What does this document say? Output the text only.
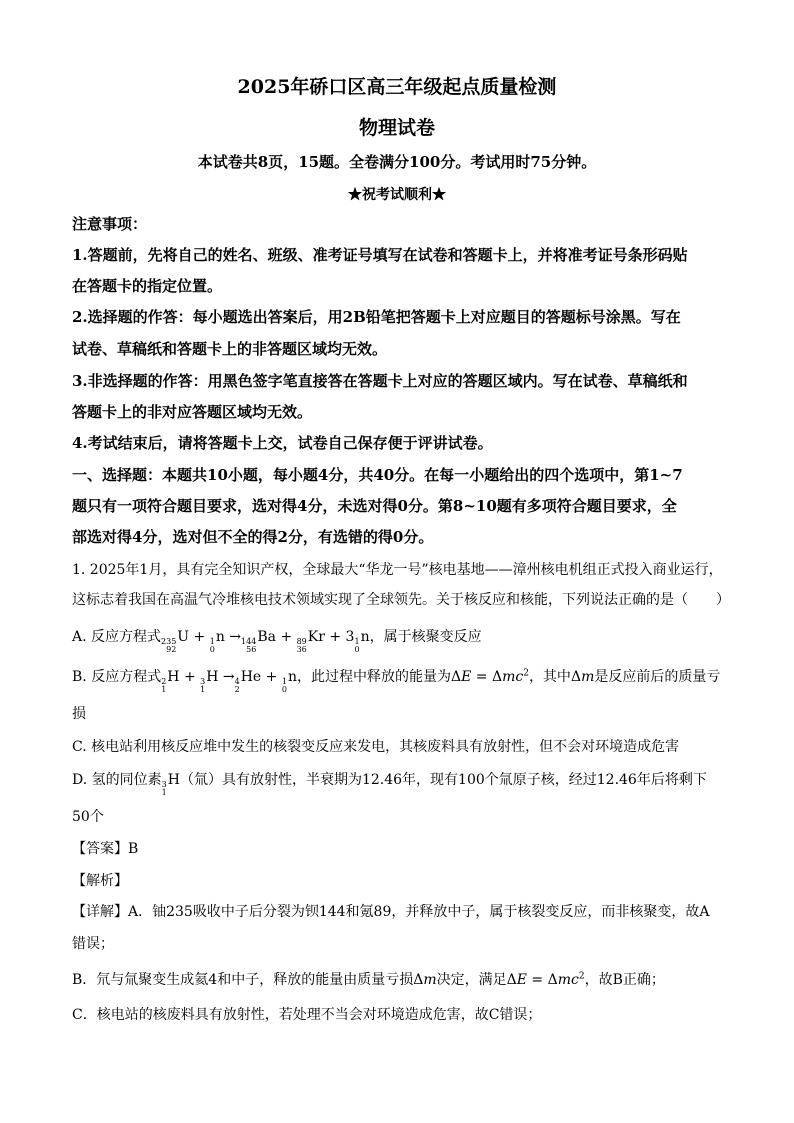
2025年硚口区高三年级起点质量检测
物理试卷
本试卷共8页，15题。全卷满分100分。考试用时75分钟。
★祝考试顺利★
注意事项：
1.答题前，先将自己的姓名、班级、准考证号填写在试卷和答题卡上，并将准考证号条形码贴
在答题卡的指定位置。
2.选择题的作答：每小题选出答案后，用2B铅笔把答题卡上对应题目的答题标号涂黑。写在
试卷、草稿纸和答题卡上的非答题区域均无效。
3.非选择题的作答：用黑色签字笔直接答在答题卡上对应的答题区域内。写在试卷、草稿纸和
答题卡上的非对应答题区域均无效。
4.考试结束后，请将答题卡上交，试卷自己保存便于评讲试卷。
一、选择题：本题共10小题，每小题4分，共40分。在每一小题给出的四个选项中，第1~7
题只有一项符合题目要求，选对得4分，未选对得0分。第8~10题有多项符合题目要求，全
部选对得4分，选对但不全的得2分，有选错的得0分。
1. 2025年1月，具有完全知识产权，全球最大“华龙一号”核电基地——漳州核电机组正式投入商业运行，
这标志着我国在高温气冷堆核电技术领域实现了全球领先。关于核反应和核能，下列说法正确的是（　　）
A. 反应方程式 235
92
U + 1
0
n → 144
56
Ba + 89
36
Kr + 3 1
0
n，属于核聚变反应
B. 反应方程式 2
1
H + 3
1
H → 4
2
He + 1
0
n，此过程中释放的能量为ΔE = Δmc$^2$，其中Δm是反应前后的质量亏
损
C. 核电站利用核反应堆中发生的核裂变反应来发电，其核废料具有放射性，但不会对环境造成危害
D. 氢的同位素 3
1
H（氚）具有放射性，半衰期为12.46年，现有100个氚原子核，经过12.46年后将剩下
50个
【答案】B
【解析】
【详解】A．铀235吸收中子后分裂为钡144和氪89，并释放中子，属于核裂变反应，而非核聚变，故A
错误；
B．氘与氚聚变生成氦4和中子，释放的能量由质量亏损Δm决定，满足ΔE = Δmc$^2$，故B正确；
C．核电站的核废料具有放射性，若处理不当会对环境造成危害，故C错误；
